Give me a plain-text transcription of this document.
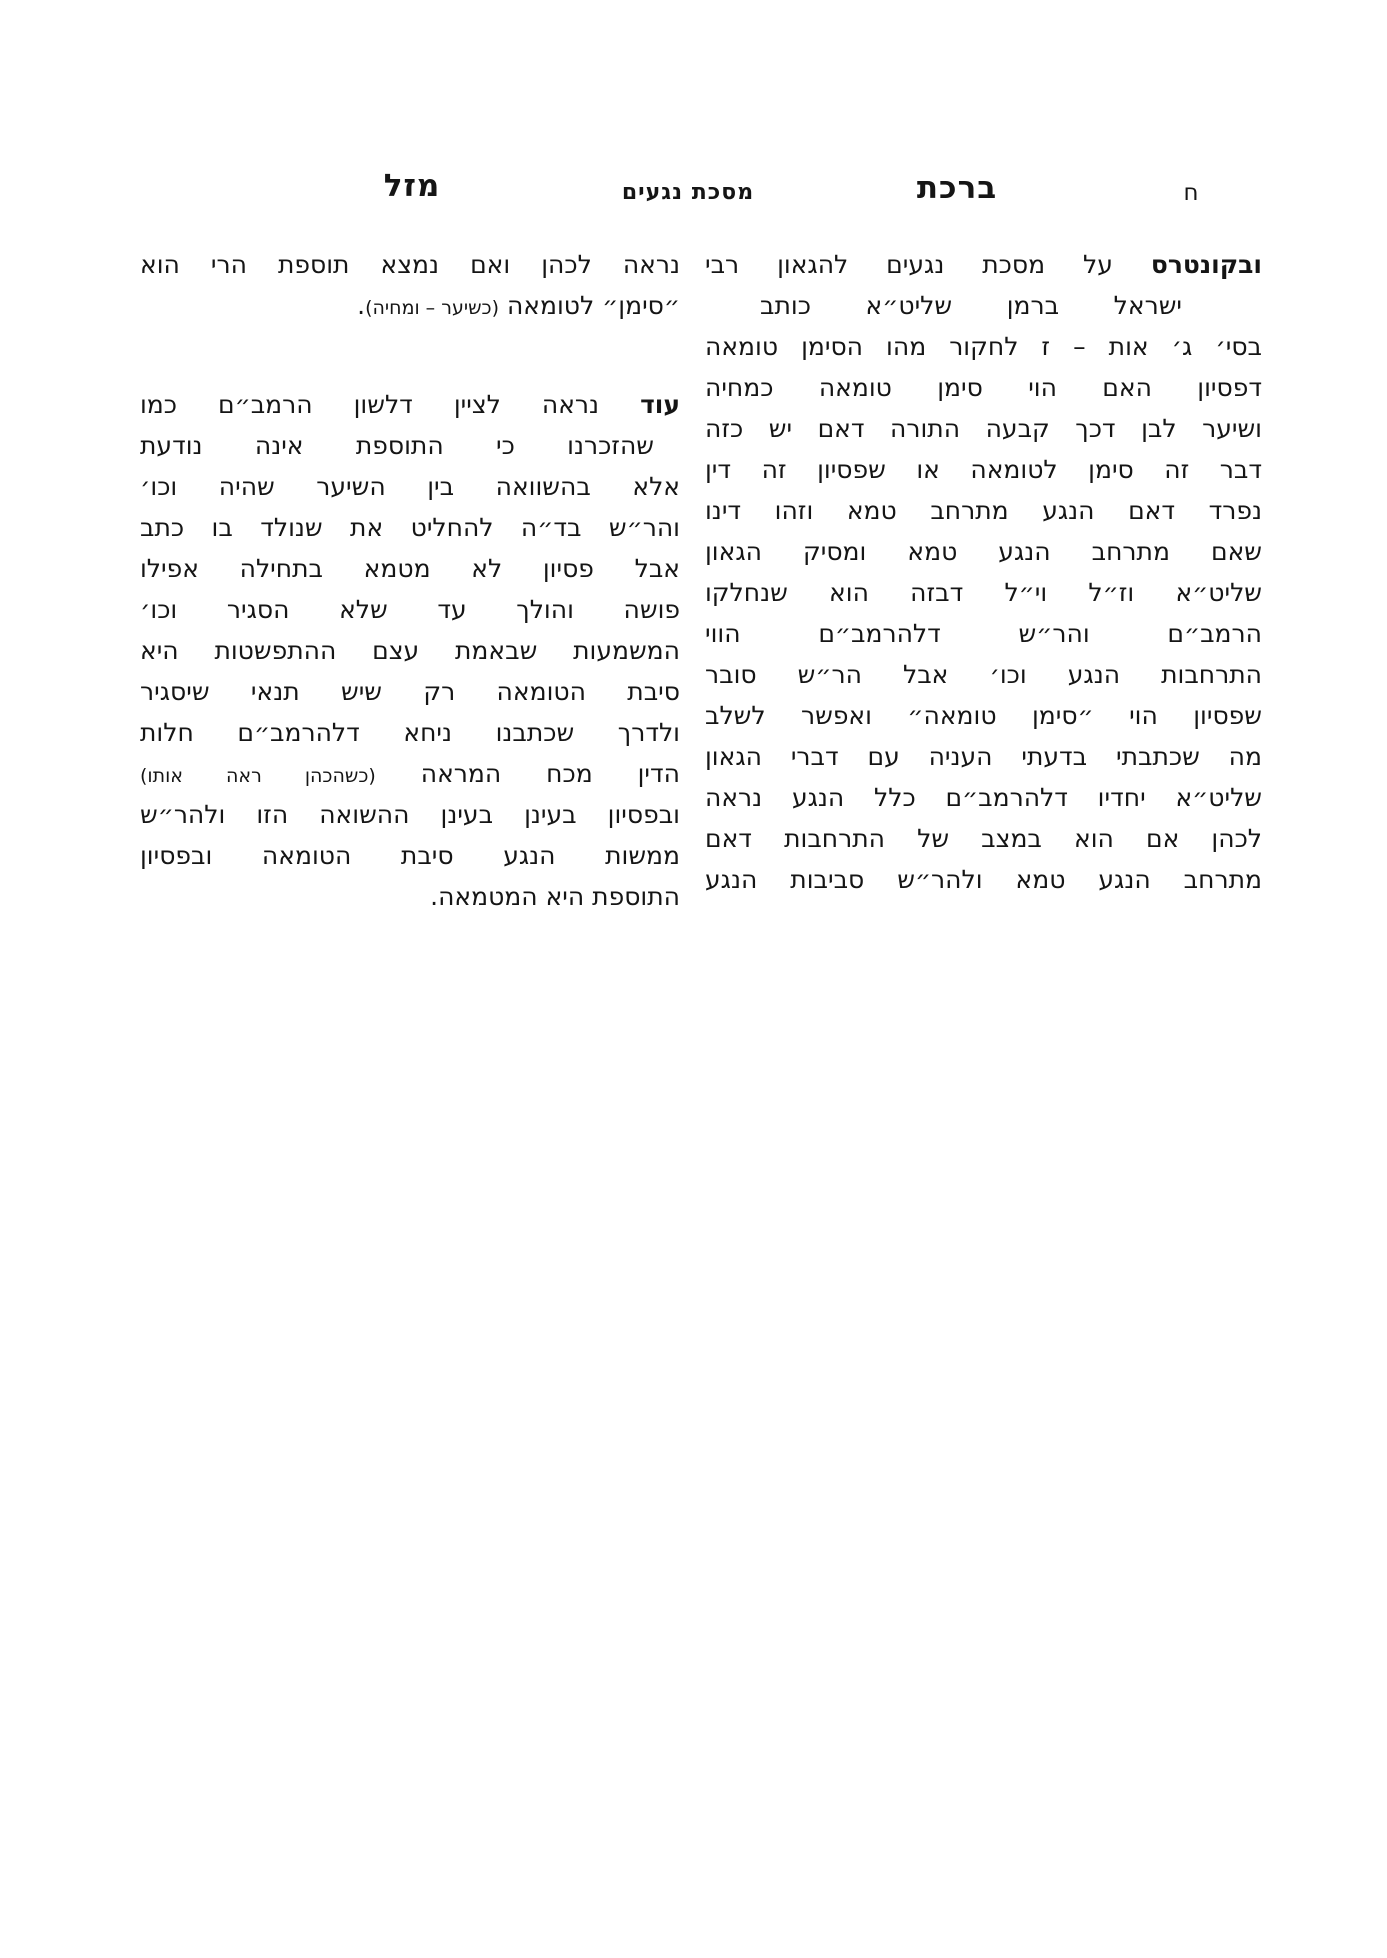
ח
ברכת
מסכת נגעים
מזל
ובקונטרס על מסכת נגעים להגאון רבי
ישראל ברמן שליט״א כותב
בסי׳ ג׳ אות – ז לחקור מהו הסימן טומאה
דפסיון האם הוי סימן טומאה כמחיה
ושיער לבן דכך קבעה התורה דאם יש כזה
דבר זה סימן לטומאה או שפסיון זה דין
נפרד דאם הנגע מתרחב טמא וזהו דינו
שאם מתרחב הנגע טמא ומסיק הגאון
שליט״א וז״ל וי״ל דבזה הוא שנחלקו
הרמב״ם והר״ש דלהרמב״ם הווי
התרחבות הנגע וכו׳ אבל הר״ש סובר
שפסיון הוי ״סימן טומאה״ ואפשר לשלב
מה שכתבתי בדעתי העניה עם דברי הגאון
שליט״א יחדיו דלהרמב״ם כלל הנגע נראה
לכהן אם הוא במצב של התרחבות דאם
מתרחב הנגע טמא ולהר״ש סביבות הנגע
נראה לכהן ואם נמצא תוספת הרי הוא
״סימן״ לטומאה (כשיער – ומחיה).
עוד נראה לציין דלשון הרמב״ם כמו
שהזכרנו כי התוספת אינה נודעת
אלא בהשוואה בין השיער שהיה וכו׳
והר״ש בד״ה להחליט את שנולד בו כתב
אבל פסיון לא מטמא בתחילה אפילו
פושה והולך עד שלא הסגיר וכו׳
המשמעות שבאמת עצם ההתפשטות היא
סיבת הטומאה רק שיש תנאי שיסגיר
ולדרך שכתבנו ניחא דלהרמב״ם חלות
הדין מכח המראה (כשהכהן ראה אותו)
ובפסיון בעינן בעינן ההשואה הזו ולהר״ש
ממשות הנגע סיבת הטומאה ובפסיון
התוספת היא המטמאה.
